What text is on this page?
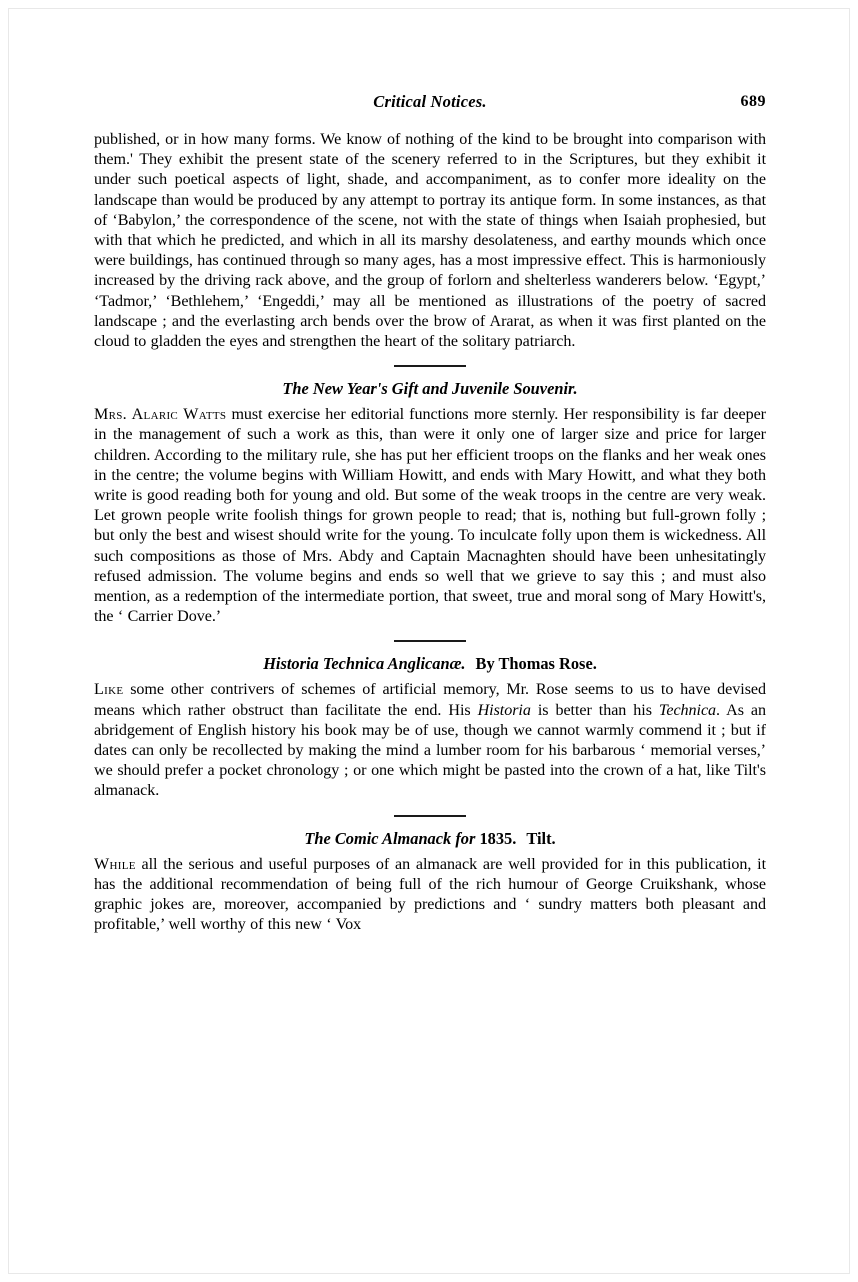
Critical Notices.	689

published, or in how many forms. We know of nothing of the kind to be brought into comparison with them.' They exhibit the present state of the scenery referred to in the Scriptures, but they exhibit it under such poetical aspects of light, shade, and accompaniment, as to confer more ideality on the landscape than would be produced by any attempt to portray its antique form. In some instances, as that of ‘Babylon,’ the correspondence of the scene, not with the state of things when Isaiah prophesied, but with that which he predicted, and which in all its marshy desolateness, and earthy mounds which once were buildings, has continued through so many ages, has a most impressive effect. This is harmoniously increased by the driving rack above, and the group of forlorn and shelterless wanderers below. ‘Egypt,’ ‘Tadmor,’ ‘Bethlehem,’ ‘Engeddi,’ may all be mentioned as illustrations of the poetry of sacred landscape ; and the everlasting arch bends over the brow of Ararat, as when it was first planted on the cloud to gladden the eyes and strengthen the heart of the solitary patriarch.

The New Year's Gift and Juvenile Souvenir.

Mrs. Alaric Watts must exercise her editorial functions more sternly. Her responsibility is far deeper in the management of such a work as this, than were it only one of larger size and price for larger children. According to the military rule, she has put her efficient troops on the flanks and her weak ones in the centre; the volume begins with William Howitt, and ends with Mary Howitt, and what they both write is good reading both for young and old. But some of the weak troops in the centre are very weak. Let grown people write foolish things for grown people to read; that is, nothing but full-grown folly ; but only the best and wisest should write for the young. To inculcate folly upon them is wickedness. All such compositions as those of Mrs. Abdy and Captain Macnaghten should have been unhesitatingly refused admission. The volume begins and ends so well that we grieve to say this ; and must also mention, as a redemption of the intermediate portion, that sweet, true and moral song of Mary Howitt's, the ‘ Carrier Dove.’

Historia Technica Anglicanæ. By Thomas Rose.

Like some other contrivers of schemes of artificial memory, Mr. Rose seems to us to have devised means which rather obstruct than facilitate the end. His Historia is better than his Technica. As an abridgement of English history his book may be of use, though we cannot warmly commend it ; but if dates can only be recollected by making the mind a lumber room for his barbarous ‘ memorial verses,’ we should prefer a pocket chronology ; or one which might be pasted into the crown of a hat, like Tilt's almanack.

The Comic Almanack for 1835. Tilt.

While all the serious and useful purposes of an almanack are well provided for in this publication, it has the additional recommendation of being full of the rich humour of George Cruikshank, whose graphic jokes are, moreover, accompanied by predictions and ‘ sundry matters both pleasant and profitable,’ well worthy of this new ‘ Vox
